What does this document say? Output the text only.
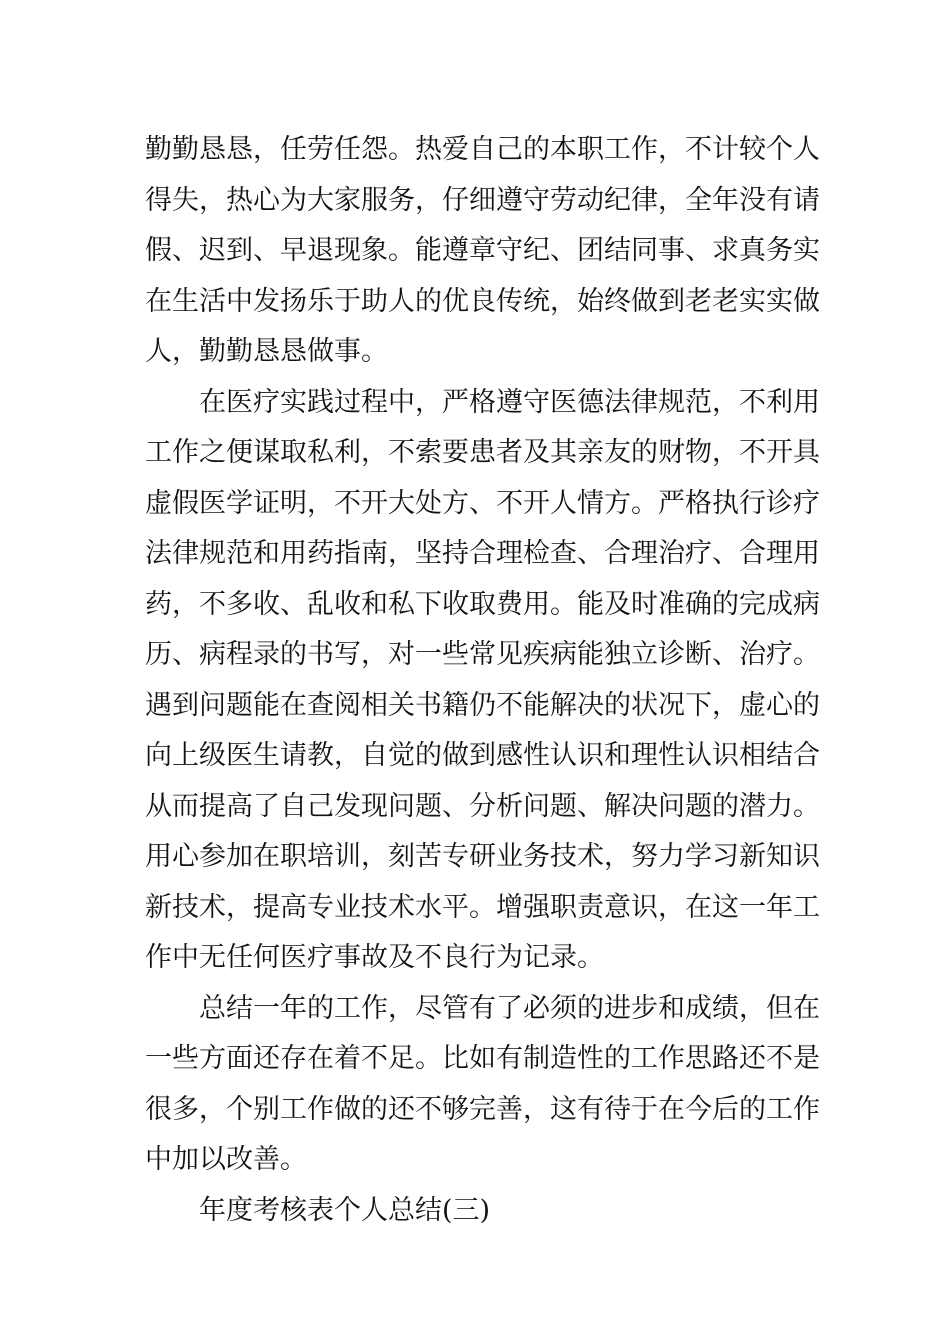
勤勤恳恳，任劳任怨。热爱自己的本职工作，不计较个人
得失，热心为大家服务，仔细遵守劳动纪律，全年没有请
假、迟到、早退现象。能遵章守纪、团结同事、求真务实
在生活中发扬乐于助人的优良传统，始终做到老老实实做
人，勤勤恳恳做事。
在医疗实践过程中，严格遵守医德法律规范，不利用
工作之便谋取私利，不索要患者及其亲友的财物，不开具
虚假医学证明，不开大处方、不开人情方。严格执行诊疗
法律规范和用药指南，坚持合理检查、合理治疗、合理用
药，不多收、乱收和私下收取费用。能及时准确的完成病
历、病程录的书写，对一些常见疾病能独立诊断、治疗。
遇到问题能在查阅相关书籍仍不能解决的状况下，虚心的
向上级医生请教，自觉的做到感性认识和理性认识相结合
从而提高了自己发现问题、分析问题、解决问题的潜力。
用心参加在职培训，刻苦专研业务技术，努力学习新知识
新技术，提高专业技术水平。增强职责意识，在这一年工
作中无任何医疗事故及不良行为记录。
总结一年的工作，尽管有了必须的进步和成绩，但在
一些方面还存在着不足。比如有制造性的工作思路还不是
很多，个别工作做的还不够完善，这有待于在今后的工作
中加以改善。
年度考核表个人总结(三)
